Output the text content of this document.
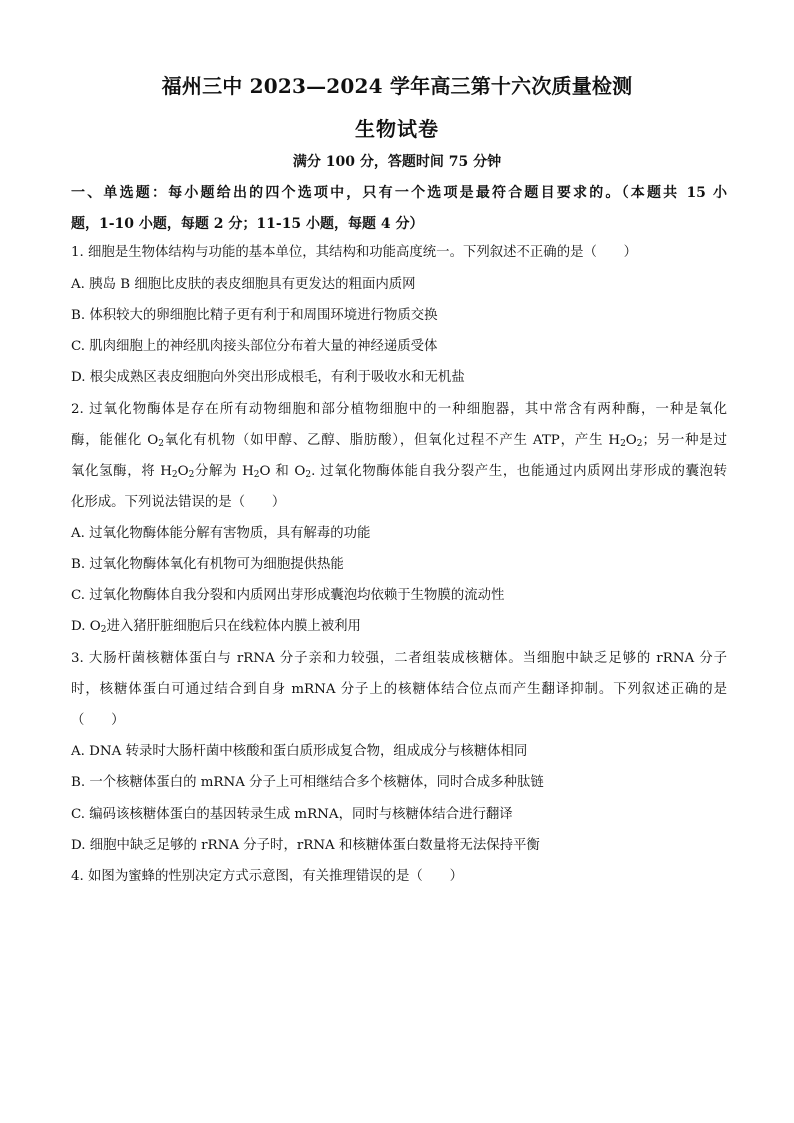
福州三中 2023—2024 学年高三第十六次质量检测
生物试卷
满分 100 分，答题时间 75 分钟
一、单选题：每小题给出的四个选项中，只有一个选项是最符合题目要求的。（本题共 15 小
题，1-10 小题，每题 2 分；11-15 小题，每题 4 分）
1. 细胞是生物体结构与功能的基本单位，其结构和功能高度统一。下列叙述不正确的是（　　）
A. 胰岛 B 细胞比皮肤的表皮细胞具有更发达的粗面内质网
B. 体积较大的卵细胞比精子更有利于和周围环境进行物质交换
C. 肌肉细胞上的神经肌肉接头部位分布着大量的神经递质受体
D. 根尖成熟区表皮细胞向外突出形成根毛，有利于吸收水和无机盐
2. 过氧化物酶体是存在所有动物细胞和部分植物细胞中的一种细胞器，其中常含有两种酶，一种是氧化
酶，能催化 $O_2$氧化有机物（如甲醇、乙醇、脂肪酸），但氧化过程不产生 ATP，产生 $H_2O_2$；另一种是过
氧化氢酶，将 $H_2O_2$分解为 $H_2O$ 和 $O_2$. 过氧化物酶体能自我分裂产生，也能通过内质网出芽形成的囊泡转
化形成。下列说法错误的是（　　）
A. 过氧化物酶体能分解有害物质，具有解毒的功能
B. 过氧化物酶体氧化有机物可为细胞提供热能
C. 过氧化物酶体自我分裂和内质网出芽形成囊泡均依赖于生物膜的流动性
D. $O_2$进入猪肝脏细胞后只在线粒体内膜上被利用
3. 大肠杆菌核糖体蛋白与 rRNA 分子亲和力较强，二者组装成核糖体。当细胞中缺乏足够的 rRNA 分子
时，核糖体蛋白可通过结合到自身 mRNA 分子上的核糖体结合位点而产生翻译抑制。下列叙述正确的是
（　　）
A. DNA 转录时大肠杆菌中核酸和蛋白质形成复合物，组成成分与核糖体相同
B. 一个核糖体蛋白的 mRNA 分子上可相继结合多个核糖体，同时合成多种肽链
C. 编码该核糖体蛋白的基因转录生成 mRNA，同时与核糖体结合进行翻译
D. 细胞中缺乏足够的 rRNA 分子时，rRNA 和核糖体蛋白数量将无法保持平衡
4. 如图为蜜蜂的性别决定方式示意图，有关推理错误的是（　　）
